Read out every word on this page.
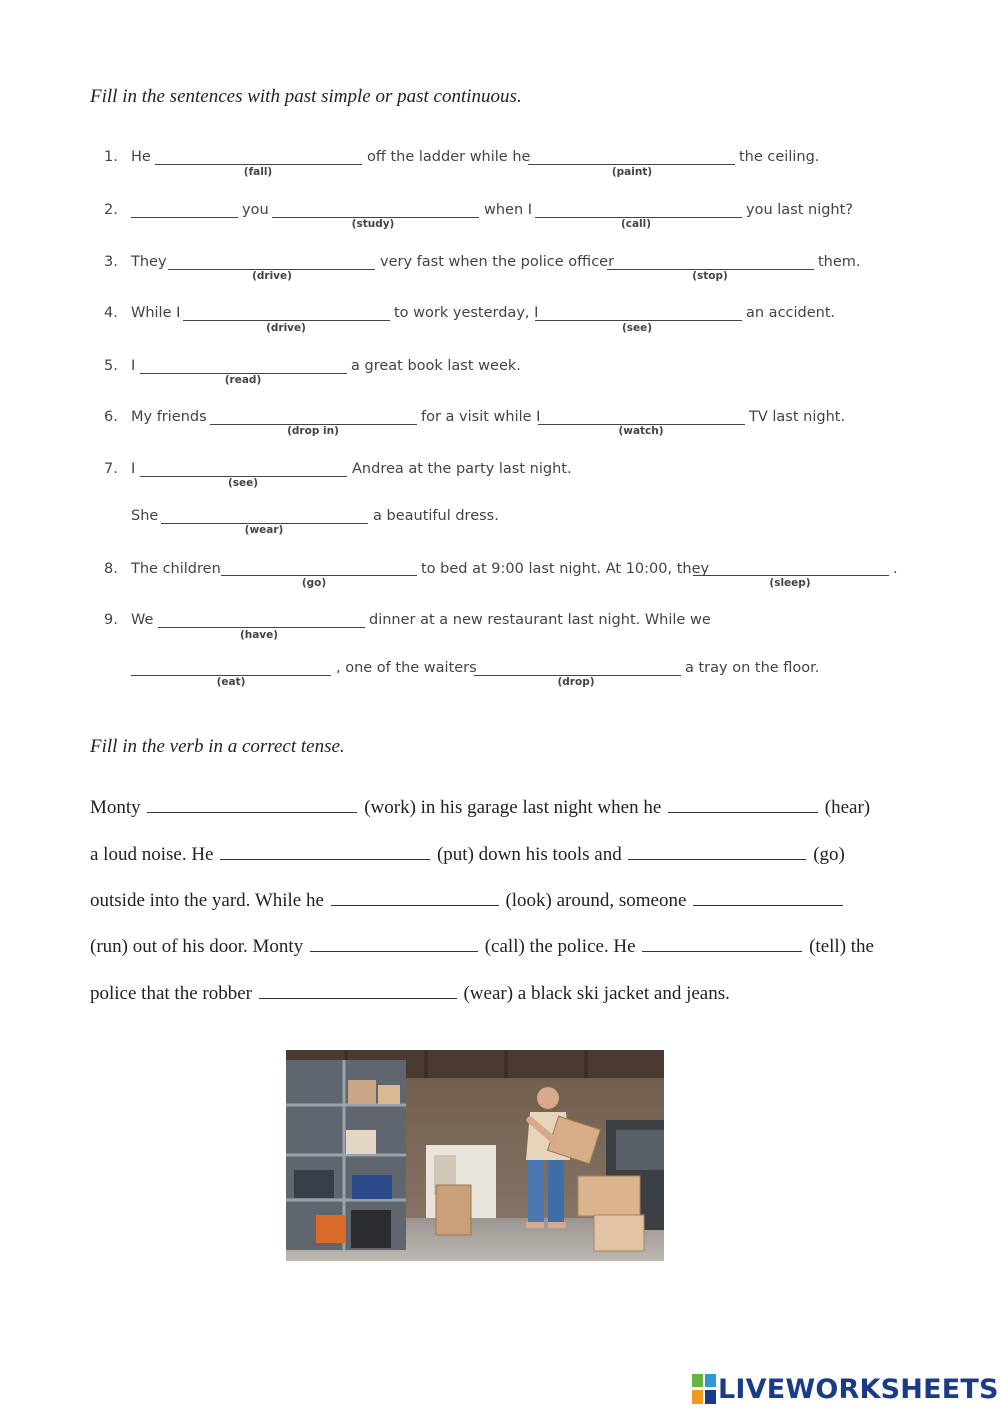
Fill in the sentences with past simple or past continuous.
1. He
(fall)
off the ladder while he
(paint)
the ceiling.
2.	you
(study)
when I
(call)
you last night?
3. They
(drive)
very fast when the police officer
(stop)
them.
4. While I
(drive)
to work yesterday, I
(see)
an accident.
5. I
(read)
a great book last week.
6. My friends
(drop in)
for a visit while I
(watch)
TV last night.
7. I
(see)
Andrea at the party last night.
She
(wear)
a beautiful dress.
8. The children
(go)
to bed at 9:00 last night. At 10:00, they
(sleep)
.
9. We
(have)
dinner at a new restaurant last night. While we
(eat)
, one of the waiters
(drop)
a tray on the floor.
Fill in the verb in a correct tense.
Monty	(work) in his garage last night when he	(hear)
a loud noise. He	(put) down his tools and	(go)
outside into the yard. While he	(look) around, someone
(run) out of his door. Monty	(call) the police. He	(tell) the
police that the robber	(wear) a black ski jacket and jeans.
LIVEWORKSHEETS
